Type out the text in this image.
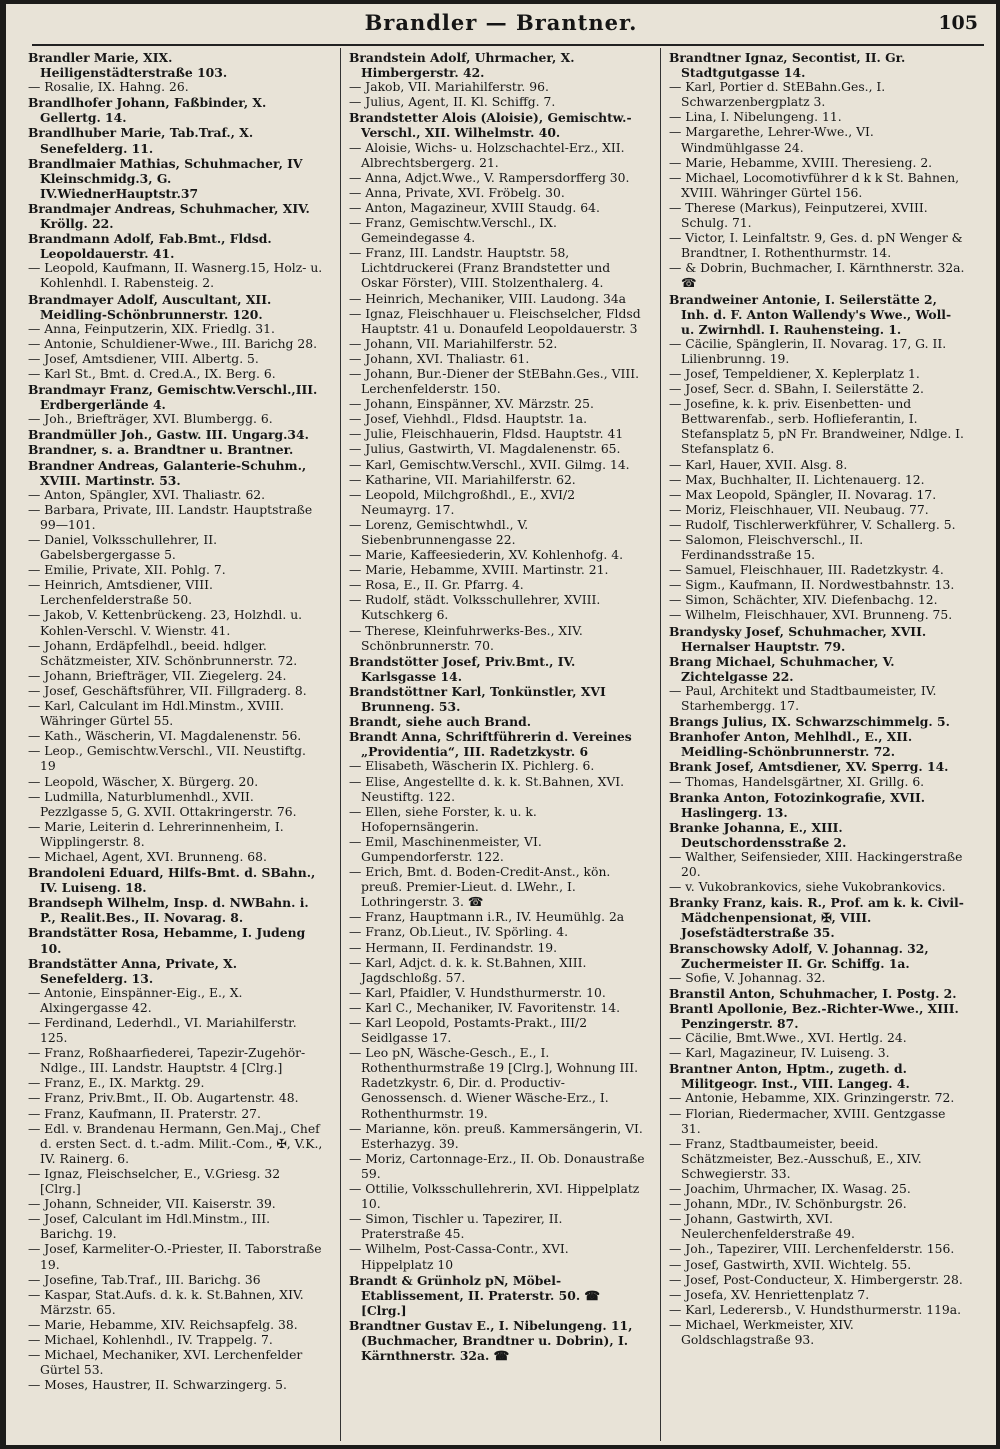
Brandler — Brantner.	105

Brandler Marie, XIX. Heiligenstädterstraße 103.

— Rosalie, IX. Hahng. 26.

Brandlhofer Johann, Faßbinder, X. Gellertg. 14.

Brandlhuber Marie, Tab.Traf., X. Senefelderg. 11.

Brandlmaier Mathias, Schuhmacher, IV Kleinschmidg.3, G. IV.WiednerHauptstr.37

Brandmajer Andreas, Schuhmacher, XIV. Kröllg. 22.

Brandmann Adolf, Fab.Bmt., Fldsd. Leopoldauerstr. 41.

— Leopold, Kaufmann, II. Wasnerg.15, Holz- u. Kohlenhdl. I. Rabensteig. 2.

Brandmayer Adolf, Auscultant, XII. Meidling-Schönbrunnerstr. 120.

— Anna, Feinputzerin, XIX. Friedlg. 31.

— Antonie, Schuldiener-Wwe., III. Barichg 28.

— Josef, Amtsdiener, VIII. Albertg. 5.

— Karl St., Bmt. d. Cred.A., IX. Berg. 6.

Brandmayr Franz, Gemischtw.Verschl.,III. Erdbergerlände 4.

— Joh., Briefträger, XVI. Blumbergg. 6.

Brandmüller Joh., Gastw. III. Ungarg.34.

Brandner, s. a. Brandtner u. Brantner.

Brandner Andreas, Galanterie-Schuhm., XVIII. Martinstr. 53.

— Anton, Spängler, XVI. Thaliastr. 62.

— Barbara, Private, III. Landstr. Hauptstraße 99—101.

— Daniel, Volksschullehrer, II. Gabelsbergergasse 5.

— Emilie, Private, XII. Pohlg. 7.

— Heinrich, Amtsdiener, VIII. Lerchenfelderstraße 50.

— Jakob, V. Kettenbrückeng. 23, Holzhdl. u. Kohlen-Verschl. V. Wienstr. 41.

— Johann, Erdäpfelhdl., beeid. hdlger. Schätzmeister, XIV. Schönbrunnerstr. 72.

— Johann, Briefträger, VII. Ziegelerg. 24.

— Josef, Geschäftsführer, VII. Fillgraderg. 8.

— Karl, Calculant im Hdl.Minstm., XVIII. Währinger Gürtel 55.

— Kath., Wäscherin, VI. Magdalenenstr. 56.

— Leop., Gemischtw.Verschl., VII. Neustiftg. 19

— Leopold, Wäscher, X. Bürgerg. 20.

— Ludmilla, Naturblumenhdl., XVII. Pezzlgasse 5, G. XVII. Ottakringerstr. 76.

— Marie, Leiterin d. Lehrerinnenheim, I. Wipplingerstr. 8.

— Michael, Agent, XVI. Brunneng. 68.

Brandoleni Eduard, Hilfs-Bmt. d. SBahn., IV. Luiseng. 18.

Brandseph Wilhelm, Insp. d. NWBahn. i. P., Realit.Bes., II. Novarag. 8.

Brandstätter Rosa, Hebamme, I. Judeng 10.

Brandstätter Anna, Private, X. Senefelderg. 13.

— Antonie, Einspänner-Eig., E., X. Alxingergasse 42.

— Ferdinand, Lederhdl., VI. Mariahilferstr. 125.

— Franz, Roßhaarfiederei, Tapezir-Zugehör-Ndlge., III. Landstr. Hauptstr. 4 [Clrg.]

— Franz, E., IX. Marktg. 29.

— Franz, Priv.Bmt., II. Ob. Augartenstr. 48.

— Franz, Kaufmann, II. Praterstr. 27.

— Edl. v. Brandenau Hermann, Gen.Maj., Chef d. ersten Sect. d. t.-adm. Milit.-Com., ✠, V.K., IV. Rainerg. 6.

— Ignaz, Fleischselcher, E., V.Griesg. 32 [Clrg.]

— Johann, Schneider, VII. Kaiserstr. 39.

— Josef, Calculant im Hdl.Minstm., III. Barichg. 19.

— Josef, Karmeliter-O.-Priester, II. Taborstraße 19.

— Josefine, Tab.Traf., III. Barichg. 36

— Kaspar, Stat.Aufs. d. k. k. St.Bahnen, XIV. Märzstr. 65.

— Marie, Hebamme, XIV. Reichsapfelg. 38.

— Michael, Kohlenhdl., IV. Trappelg. 7.

— Michael, Mechaniker, XVI. Lerchenfelder Gürtel 53.

— Moses, Haustrer, II. Schwarzingerg. 5.

Brandstein Adolf, Uhrmacher, X. Himbergerstr. 42.

— Jakob, VII. Mariahilferstr. 96.

— Julius, Agent, II. Kl. Schiffg. 7.

Brandstetter Alois (Aloisie), Gemischtw.-Verschl., XII. Wilhelmstr. 40.

— Aloisie, Wichs- u. Holzschachtel-Erz., XII. Albrechtsbergerg. 21.

— Anna, Adjct.Wwe., V. Rampersdorfferg 30.

— Anna, Private, XVI. Fröbelg. 30.

— Anton, Magazineur, XVIII Staudg. 64.

— Franz, Gemischtw.Verschl., IX. Gemeindegasse 4.

— Franz, III. Landstr. Hauptstr. 58, Lichtdruckerei (Franz Brandstetter und Oskar Förster), VIII. Stolzenthalerg. 4.

— Heinrich, Mechaniker, VIII. Laudong. 34a

— Ignaz, Fleischhauer u. Fleischselcher, Fldsd Hauptstr. 41 u. Donaufeld Leopoldauerstr. 3

— Johann, VII. Mariahilferstr. 52.

— Johann, XVI. Thaliastr. 61.

— Johann, Bur.-Diener der StEBahn.Ges., VIII. Lerchenfelderstr. 150.

— Johann, Einspänner, XV. Märzstr. 25.

— Josef, Viehhdl., Fldsd. Hauptstr. 1a.

— Julie, Fleischhauerin, Fldsd. Hauptstr. 41

— Julius, Gastwirth, VI. Magdalenenstr. 65.

— Karl, Gemischtw.Verschl., XVII. Gilmg. 14.

— Katharine, VII. Mariahilferstr. 62.

— Leopold, Milchgroßhdl., E., XVI/2 Neumayrg. 17.

— Lorenz, Gemischtwhdl., V. Siebenbrunnengasse 22.

— Marie, Kaffeesiederin, XV. Kohlenhofg. 4.

— Marie, Hebamme, XVIII. Martinstr. 21.

— Rosa, E., II. Gr. Pfarrg. 4.

— Rudolf, städt. Volksschullehrer, XVIII. Kutschkerg 6.

— Therese, Kleinfuhrwerks-Bes., XIV. Schönbrunnerstr. 70.

Brandstötter Josef, Priv.Bmt., IV. Karlsgasse 14.

Brandstöttner Karl, Tonkünstler, XVI Brunneng. 53.

Brandt, siehe auch Brand.

Brandt Anna, Schriftführerin d. Vereines „Providentia“, III. Radetzkystr. 6

— Elisabeth, Wäscherin IX. Pichlerg. 6.

— Elise, Angestellte d. k. k. St.Bahnen, XVI. Neustiftg. 122.

— Ellen, siehe Forster, k. u. k. Hofopernsängerin.

— Emil, Maschinenmeister, VI. Gumpendorferstr. 122.

— Erich, Bmt. d. Boden-Credit-Anst., kön. preuß. Premier-Lieut. d. LWehr., I. Lothringerstr. 3. ☎

— Franz, Hauptmann i.R., IV. Heumühlg. 2a

— Franz, Ob.Lieut., IV. Spörling. 4.

— Hermann, II. Ferdinandstr. 19.

— Karl, Adjct. d. k. k. St.Bahnen, XIII. Jagdschloßg. 57.

— Karl, Pfaidler, V. Hundsthurmerstr. 10.

— Karl C., Mechaniker, IV. Favoritenstr. 14.

— Karl Leopold, Postamts-Prakt., III/2 Seidlgasse 17.

— Leo pN, Wäsche-Gesch., E., I. Rothenthurmstraße 19 [Clrg.], Wohnung III. Radetzkystr. 6, Dir. d. Productiv-Genossensch. d. Wiener Wäsche-Erz., I. Rothenthurmstr. 19.

— Marianne, kön. preuß. Kammersängerin, VI. Esterhazyg. 39.

— Moriz, Cartonnage-Erz., II. Ob. Donaustraße 59.

— Ottilie, Volksschullehrerin, XVI. Hippelplatz 10.

— Simon, Tischler u. Tapezirer, II. Praterstraße 45.

— Wilhelm, Post-Cassa-Contr., XVI. Hippelplatz 10

Brandt & Grünholz pN, Möbel-Etablissement, II. Praterstr. 50. ☎ [Clrg.]

Brandtner Gustav E., I. Nibelungeng. 11, (Buchmacher, Brandtner u. Dobrin), I. Kärnthnerstr. 32a. ☎

Brandtner Ignaz, Secontist, II. Gr. Stadtgutgasse 14.

— Karl, Portier d. StEBahn.Ges., I. Schwarzenbergplatz 3.

— Lina, I. Nibelungeng. 11.

— Margarethe, Lehrer-Wwe., VI. Windmühlgasse 24.

— Marie, Hebamme, XVIII. Theresieng. 2.

— Michael, Locomotivführer d k k St. Bahnen, XVIII. Währinger Gürtel 156.

— Therese (Markus), Feinputzerei, XVIII. Schulg. 71.

— Victor, I. Leinfaltstr. 9, Ges. d. pN Wenger & Brandtner, I. Rothenthurmstr. 14.

— & Dobrin, Buchmacher, I. Kärnthnerstr. 32a. ☎

Brandweiner Antonie, I. Seilerstätte 2, Inh. d. F. Anton Wallendy's Wwe., Woll- u. Zwirnhdl. I. Rauhensteing. 1.

— Cäcilie, Spänglerin, II. Novarag. 17, G. II. Lilienbrunng. 19.

— Josef, Tempeldiener, X. Keplerplatz 1.

— Josef, Secr. d. SBahn, I. Seilerstätte 2.

— Josefine, k. k. priv. Eisenbetten- und Bettwarenfab., serb. Hoflieferantin, I. Stefansplatz 5, pN Fr. Brandweiner, Ndlge. I. Stefansplatz 6.

— Karl, Hauer, XVII. Alsg. 8.

— Max, Buchhalter, II. Lichtenauerg. 12.

— Max Leopold, Spängler, II. Novarag. 17.

— Moriz, Fleischhauer, VII. Neubaug. 77.

— Rudolf, Tischlerwerkführer, V. Schallerg. 5.

— Salomon, Fleischverschl., II. Ferdinandsstraße 15.

— Samuel, Fleischhauer, III. Radetzkystr. 4.

— Sigm., Kaufmann, II. Nordwestbahnstr. 13.

— Simon, Schächter, XIV. Diefenbachg. 12.

— Wilhelm, Fleischhauer, XVI. Brunneng. 75.

Brandysky Josef, Schuhmacher, XVII. Hernalser Hauptstr. 79.

Brang Michael, Schuhmacher, V. Zichtelgasse 22.

— Paul, Architekt und Stadtbaumeister, IV. Starhembergg. 17.

Brangs Julius, IX. Schwarzschimmelg. 5.

Branhofer Anton, Mehlhdl., E., XII. Meidling-Schönbrunnerstr. 72.

Brank Josef, Amtsdiener, XV. Sperrg. 14.

— Thomas, Handelsgärtner, XI. Grillg. 6.

Branka Anton, Fotozinkografie, XVII. Haslingerg. 13.

Branke Johanna, E., XIII. Deutschordensstraße 2.

— Walther, Seifensieder, XIII. Hackingerstraße 20.

— v. Vukobrankovics, siehe Vukobrankovics.

Branky Franz, kais. R., Prof. am k. k. Civil-Mädchenpensionat, ✠, VIII. Josefstädterstraße 35.

Branschowsky Adolf, V. Johannag. 32, Zuchermeister II. Gr. Schiffg. 1a.

— Sofie, V. Johannag. 32.

Branstil Anton, Schuhmacher, I. Postg. 2.

Brantl Apollonie, Bez.-Richter-Wwe., XIII. Penzingerstr. 87.

— Cäcilie, Bmt.Wwe., XVI. Hertlg. 24.

— Karl, Magazineur, IV. Luiseng. 3.

Brantner Anton, Hptm., zugeth. d. Militgeogr. Inst., VIII. Langeg. 4.

— Antonie, Hebamme, XIX. Grinzingerstr. 72.

— Florian, Riedermacher, XVIII. Gentzgasse 31.

— Franz, Stadtbaumeister, beeid. Schätzmeister, Bez.-Ausschuß, E., XIV. Schwegierstr. 33.

— Joachim, Uhrmacher, IX. Wasag. 25.

— Johann, MDr., IV. Schönburgstr. 26.

— Johann, Gastwirth, XVI. Neulerchenfelderstraße 49.

— Joh., Tapezirer, VIII. Lerchenfelderstr. 156.

— Josef, Gastwirth, XVII. Wichtelg. 55.

— Josef, Post-Conducteur, X. Himbergerstr. 28.

— Josefa, XV. Henriettenplatz 7.

— Karl, Lederersb., V. Hundsthurmerstr. 119a.

— Michael, Werkmeister, XIV. Goldschlagstraße 93.
